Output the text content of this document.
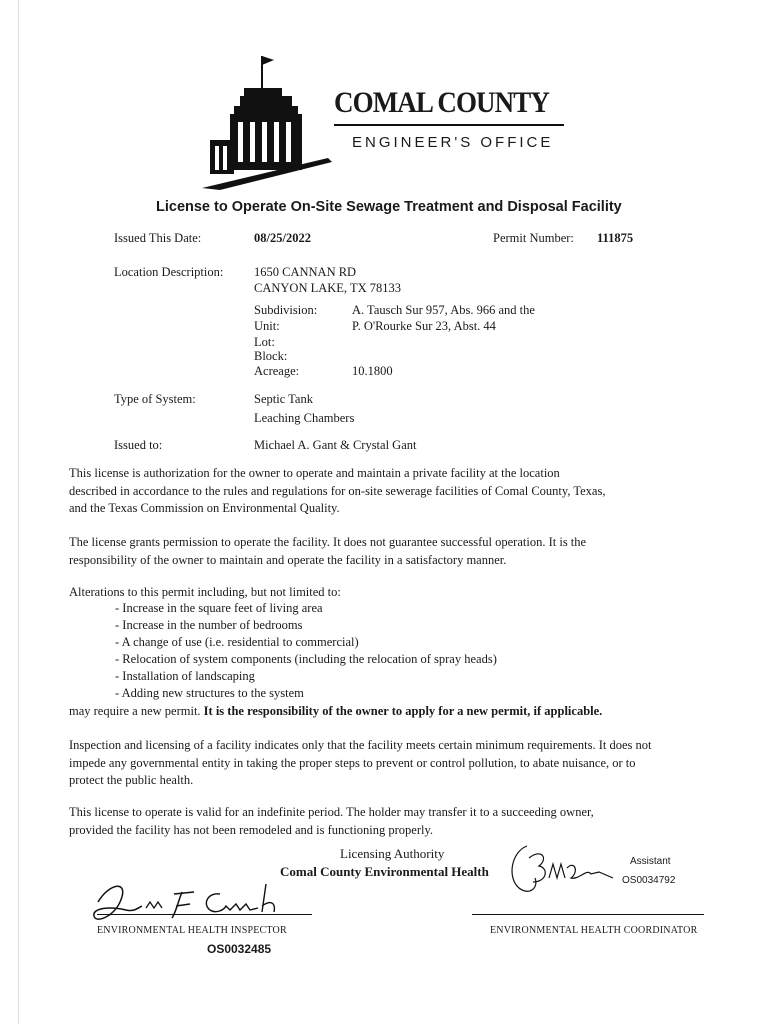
COMAL COUNTY
ENGINEER'S OFFICE
License to Operate On-Site Sewage Treatment and Disposal Facility
Issued This Date:	08/25/2022	Permit Number: 111875
Location Description: 1650 CANNAN RD
CANYON LAKE, TX 78133
Subdivision:	A. Tausch Sur 957, Abs. 966 and the
Unit:	P. O'Rourke Sur 23, Abst. 44
Lot:
Block:
Acreage:	10.1800
Type of System:	Septic Tank
Leaching Chambers
Issued to:	Michael A. Gant & Crystal Gant
This license is authorization for the owner to operate and maintain a private facility at the location described in accordance to the rules and regulations for on-site sewerage facilities of Comal County, Texas, and the Texas Commission on Environmental Quality.
The license grants permission to operate the facility. It does not guarantee successful operation. It is the responsibility of the owner to maintain and operate the facility in a satisfactory manner.
Alterations to this permit including, but not limited to:
- Increase in the square feet of living area
- Increase in the number of bedrooms
- A change of use (i.e. residential to commercial)
- Relocation of system components (including the relocation of spray heads)
- Installation of landscaping
- Adding new structures to the system
may require a new permit. It is the responsibility of the owner to apply for a new permit, if applicable.
Inspection and licensing of a facility indicates only that the facility meets certain minimum requirements. It does not impede any governmental entity in taking the proper steps to prevent or control pollution, to abate nuisance, or to protect the public health.
This license to operate is valid for an indefinite period. The holder may transfer it to a succeeding owner, provided the facility has not been remodeled and is functioning properly.
Licensing Authority
Comal County Environmental Health
ENVIRONMENTAL HEALTH INSPECTOR
OS0032485
Assistant
OS0034792
ENVIRONMENTAL HEALTH COORDINATOR
